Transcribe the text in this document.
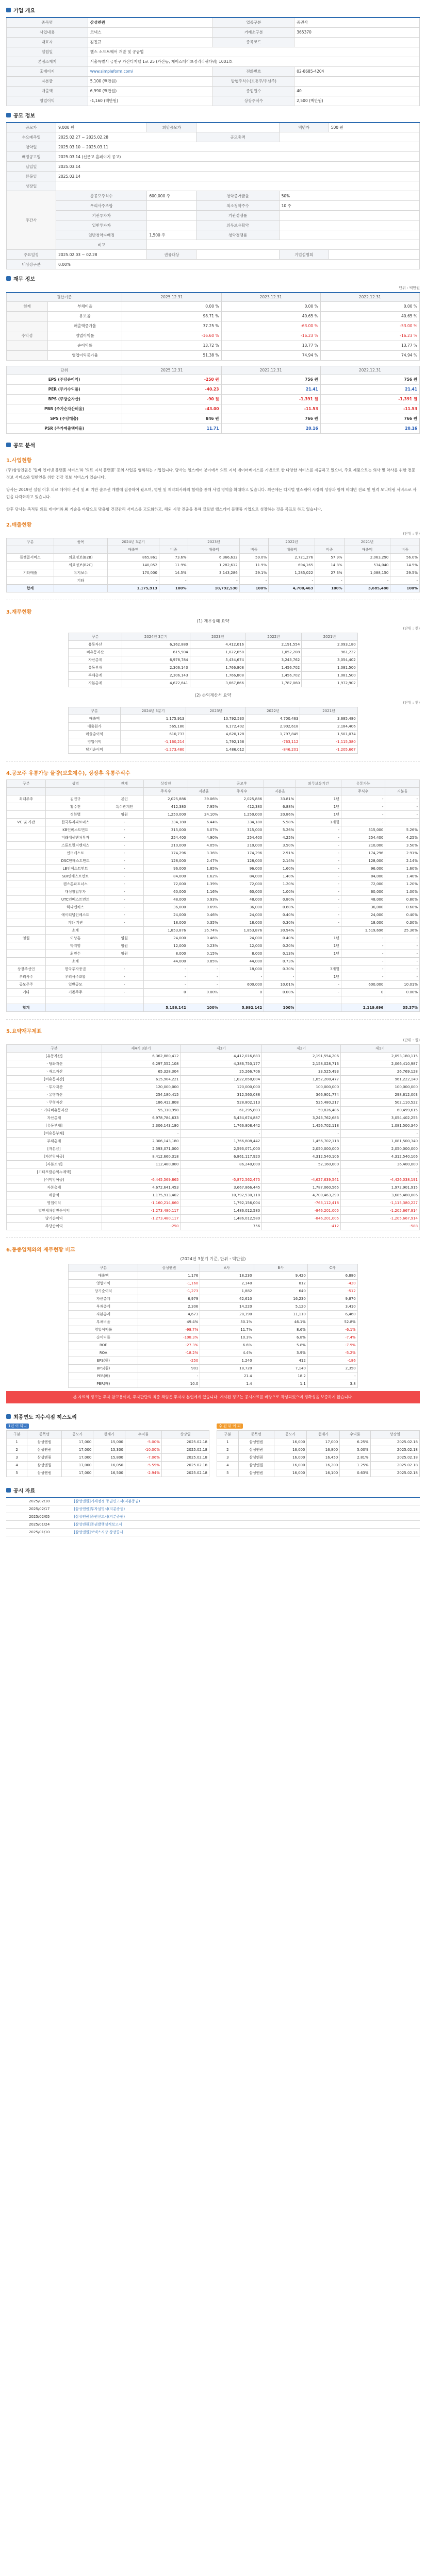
기업 개요
종목명	삼성엔퀀	업종구분	증권사
사업내용	코넥스	거래소구분	365370
대표자	김진규	종목코드	
설립일	헬스 소프트웨어 개발 및 공급업		
본점소재지	서울특별시 금천구 가산디지털 1로 25 (가산동, 제이스테이츠정리리퀴타워) 1001호		
홈페이지	www.simpleform.com/	전화번호	02-8685-4204
자본금	5,100 (백만원)	발행주식수(보통주/우선주)	
매출액	6,990 (백만원)	종업원수	40
영업이익	-1,160 (백만원)	상장주식수	2,500 (백만원)
공모 정보
공모가	9,000 원	희망공모가		액면가	500 원
수요예측일	2025.02.27 ~ 2025.02.28		공모총액		
청약일	2025.03.10 ~ 2025.03.11				
배정공고일	2025.03.14 (신문고 홈페이지 공고)				
납입일	2025.03.14				
환불일	2025.03.14				
상장일					
주간사	총공모주식수	600,000 주	청약증거금율	50%	
	우리사주조합		최소청약주수	10 주	
	기관투자자		기관경쟁률		
	일반투자자		의무보유확약		
	일반청약자배정	1,500 주	청약경쟁률		
	비고				
주요일정	2025.02.03 ~ 02.28	권유대상		기업설명회	
비상장구분	0.00%				
재무 정보
단위 : 백만원
결산기준		2025.12.31	2023.12.31	2022.12.31
현재	부채비율	0.00 %	0.00 %	0.00 %
	유보율	98.71 %	40.65 %	40.65 %
	매출액증가율	37.25 %	-63.00 %	-53.00 %
수익성	영업이익률	-16.60 %	-16.23 %	-16.23 %
	순이익률	13.72 %	13.77 %	13.77 %
	영업이익증가율	51.38 %	74.94 %	74.94 %
단위	2025.12.31	2022.12.31	2022.12.31
EPS (주당순이익)	-250 원	756 원	756 원
PER (주가수익률)	-40.23	21.41	21.41
BPS (주당순자산)	-90 원	-1,391 원	-1,391 원
PBR (주가순자산비율)	-43.00	-11.53	-11.53
SPS (주당매출)	846 원	766 원	766 원
PSR (주가매출액비율)	11.71	20.16	20.16
공모 분석
1.사업현황
(주)삼성엔퀀은 '얼바 인터넷 플랫폼 서비스'와 '의료 지식 플랫폼' 등의 사업을 영위하는 기업입니다. 당사는 헬스케어 분야에서 의료 지식 데이터베이스를 기반으로 한 다양한 서비스를 제공하고 있으며, 주요 제품으로는 의사 및 약사를 위한 전문 정보 서비스와 일반인을 위한 건강 정보 서비스가 있습니다.
당사는 2019년 설립 이후 의료 데이터 분석 및 AI 기반 솔루션 개발에 집중하여 왔으며, 병원 및 제약회사와의 협력을 통해 사업 영역을 확대하고 있습니다. 최근에는 디지털 헬스케어 시장의 성장과 함께 비대면 진료 및 원격 모니터링 서비스로 사업을 다각화하고 있습니다.
향후 당사는 축적된 의료 데이터와 AI 기술을 바탕으로 맞춤형 건강관리 서비스를 고도화하고, 해외 시장 진출을 통해 글로벌 헬스케어 플랫폼 기업으로 성장하는 것을 목표로 하고 있습니다.
2.매출현황
(단위 : 천)
구분	품목	2024년 3분기		2023년		2022년		2021년	
		매출액	비중	매출액	비중	매출액	비중	매출액	비중
플랫폼서비스	의료정보(B2B)	865,861	73.6%	6,366,632	59.0%	2,721,276	57.9%	2,063,290	56.0%
	의료정보(B2C)	140,052	11.9%	1,282,612	11.9%	694,165	14.8%	534,040	14.5%
기타매출	유지보수	170,000	14.5%	3,143,286	29.1%	1,285,022	27.3%	1,088,150	29.5%
	기타	-	-	-	-	-	-	-	-
합계		1,175,913	100%	10,792,530	100%	4,700,463	100%	3,685,480	100%
3.재무현황
(1) 재무상태 요약
(단위 : 천)
구분	2024년 3분기	2023년	2022년	2021년
유동자산	6,362,880	4,412,016	2,191,554	2,093,180
비유동자산	615,904	1,022,658	1,052,208	961,222
자산총계	6,978,784	5,434,674	3,243,762	3,054,402
유동부채	2,306,143	1,766,808	1,456,702	1,081,500
부채총계	2,306,143	1,766,808	1,456,702	1,081,500
자본총계	4,672,641	3,667,866	1,787,060	1,972,902
(2) 손익계산서 요약
(단위 : 천)
구분	2024년 3분기	2023년	2022년	2021년
매출액	1,175,913	10,792,530	4,700,463	3,685,480
매출원가	565,180	6,172,402	2,902,618	2,184,406
매출총이익	610,733	4,620,128	1,797,845	1,501,074
영업이익	-1,160,214	1,792,156	-763,112	-1,115,380
당기순이익	-1,273,480	1,486,012	-846,201	-1,205,667
4.공모주 유통가능 물량(보호예수), 상장후 유통주식수
구분	성명	관계	상장전		공모후		의무보유기간	유통가능	
			주식수	지분율	주식수	지분율		주식수	지분율
최대주주	김진규	본인	2,025,886	39.06%	2,025,886	33.81%	1년	-	-
	황수진	특수관계인	412,380	7.95%	412,380	6.88%	1년	-	-
	정한별	임원	1,250,000	24.10%	1,250,000	20.86%	1년	-	-
VC 및 기관	한국투자파트너스	-	334,180	6.44%	334,180	5.58%	1개월	-	-
	KB인베스트먼트	-	315,000	6.07%	315,000	5.26%	-	315,000	5.26%
	미래에셋벤처투자	-	254,400	4.90%	254,400	4.25%	-	254,400	4.25%
	스톤브릿지벤처스	-	210,000	4.05%	210,000	3.50%	-	210,000	3.50%
	인터베스트	-	174,296	3.36%	174,296	2.91%	-	174,296	2.91%
	DSC인베스트먼트	-	128,000	2.47%	128,000	2.14%	-	128,000	2.14%
	LB인베스트먼트	-	96,000	1.85%	96,000	1.60%	-	96,000	1.60%
	SBI인베스트먼트	-	84,000	1.62%	84,000	1.40%	-	84,000	1.40%
	캡스톤파트너스	-	72,000	1.39%	72,000	1.20%	-	72,000	1.20%
	대성창업투자	-	60,000	1.16%	60,000	1.00%	-	60,000	1.00%
	UTC인베스트먼트	-	48,000	0.93%	48,000	0.80%	-	48,000	0.80%
	하나벤처스	-	36,000	0.69%	36,000	0.60%	-	36,000	0.60%
	에이티넘인베스트	-	24,000	0.46%	24,000	0.40%	-	24,000	0.40%
	기타 기관	-	18,000	0.35%	18,000	0.30%	-	18,000	0.30%
	소계		1,853,876	35.74%	1,853,876	30.94%		1,519,696	25.36%
임원	이상훈	임원	24,000	0.46%	24,000	0.40%	1년	-	-
	박지영	임원	12,000	0.23%	12,000	0.20%	1년	-	-
	최민수	임원	8,000	0.15%	8,000	0.13%	1년	-	-
	소계		44,000	0.85%	44,000	0.73%		-	-
상장주선인	한국투자증권	-	-	-	18,000	0.30%	3개월	-	-
우리사주	우리사주조합	-	-	-	-	-	1년	-	-
공모주주	일반공모	-	-	-	600,000	10.01%	-	600,000	10.01%
기타	기존주주	-	0	0.00%	0	0.00%	-	0	0.00%

합계			5,186,142	100%	5,992,142	100%		2,119,696	35.37%
5.요약재무제표
(단위 : 원)
구분	제4기 3분기	제3기	제2기	제1기
[유동자산]	6,362,880,412	4,412,016,883	2,191,554,206	2,093,180,115
ㆍ당좌자산	6,297,552,108	4,386,750,177	2,158,028,713	2,066,410,987
ㆍ재고자산	65,328,304	25,266,706	33,525,493	26,769,128
[비유동자산]	615,904,221	1,022,658,004	1,052,208,477	961,222,140
ㆍ투자자산	120,000,000	120,000,000	100,000,000	100,000,000
ㆍ유형자산	254,180,415	312,560,088	366,901,774	298,612,003
ㆍ무형자산	186,412,808	528,802,113	525,480,217	502,110,522
ㆍ기타비유동자산	55,310,998	61,295,803	59,826,486	60,499,615
자산총계	6,978,784,633	5,434,674,887	3,243,762,683	3,054,402,255
[유동부채]	2,306,143,180	1,766,808,442	1,456,702,118	1,081,500,340
[비유동부채]	-	-	-	-
부채총계	2,306,143,180	1,766,808,442	1,456,702,118	1,081,500,340
[자본금]	2,593,071,000	2,593,071,000	2,050,000,000	2,050,000,000
[자본잉여금]	8,412,660,318	6,861,117,920	4,312,540,106	4,312,540,106
[자본조정]	112,480,000	86,240,000	52,160,000	36,400,000
[기타포괄손익누계액]	-	-	-	-
[이익잉여금]	-6,445,569,865	-5,872,562,475	-4,627,639,541	-4,426,038,191
자본총계	4,672,641,453	3,667,866,445	1,787,060,565	1,972,901,915
매출액	1,175,913,402	10,792,530,118	4,700,463,290	3,685,480,006
영업이익	-1,160,214,660	1,792,156,004	-763,112,418	-1,115,380,227
법인세차감전순이익	-1,273,480,117	1,486,012,580	-846,201,005	-1,205,667,914
당기순이익	-1,273,480,117	1,486,012,580	-846,201,005	-1,205,667,914
주당순이익	-250	756	-412	-588
6.동종업체와의 재무현황 비교
(2024년 3분기 기준, 단위 : 백만원)
구분	삼성엔퀀	A사	B사	C사
매출액	1,176	18,230	9,420	6,880
영업이익	-1,160	2,140	812	-420
당기순이익	-1,273	1,882	640	-512
자산총계	6,979	42,610	16,230	9,870
부채총계	2,306	14,220	5,120	3,410
자본총계	4,673	28,390	11,110	6,460
부채비율	49.4%	50.1%	46.1%	52.8%
영업이익률	-98.7%	11.7%	8.6%	-6.1%
순이익률	-108.3%	10.3%	6.8%	-7.4%
ROE	-27.3%	6.6%	5.8%	-7.9%
ROA	-18.2%	4.4%	3.9%	-5.2%
EPS(원)	-250	1,240	412	-186
BPS(원)	901	18,720	7,140	2,350
PER(배)	-	21.4	18.2	-
PBR(배)	10.0	1.4	1.1	3.8
본 자료의 정보는 투자 참고용이며, 투자판단의 최종 책임은 투자자 본인에게 있습니다. 게시된 정보는 공시자료를 바탕으로 작성되었으며 정확성을 보증하지 않습니다.
최종연도 지수시점 히스토리
1년 이 되니
구분	종목명	공모가	현재가	수익률	상장일
1	삼성엔퀀	17,000	15,000	-5.00%	2025.02.18
2	삼성엔퀀	17,000	15,300	-10.00%	2025.02.18
3	삼성엔퀀	17,000	15,800	-7.06%	2025.02.18
4	삼성엔퀀	17,000	16,050	-5.59%	2025.02.18
5	삼성엔퀀	17,000	16,500	-2.94%	2025.02.18
수 된 뒤 이 되
구분	종목명	공모가	현재가	수익률	상장일
1	삼성엔퀀	16,000	17,000	6.25%	2025.02.18
2	삼성엔퀀	16,000	16,800	5.00%	2025.02.18
3	삼성엔퀀	16,000	16,450	2.81%	2025.02.18
4	삼성엔퀀	16,000	16,200	1.25%	2025.02.18
5	삼성엔퀀	16,000	16,100	0.63%	2025.02.18
공시 자료
2025/02/18	[삼성엔퀀]기재정정 증권신고서(지분증권)
2025/02/17	[삼성엔퀀]투자설명서(지분증권)
2025/02/05	[삼성엔퀀]증권신고서(지분증권)
2025/01/24	[삼성엔퀀]증권발행실적보고서
2025/01/10	[삼성엔퀀]코넥스시장 상장공시
